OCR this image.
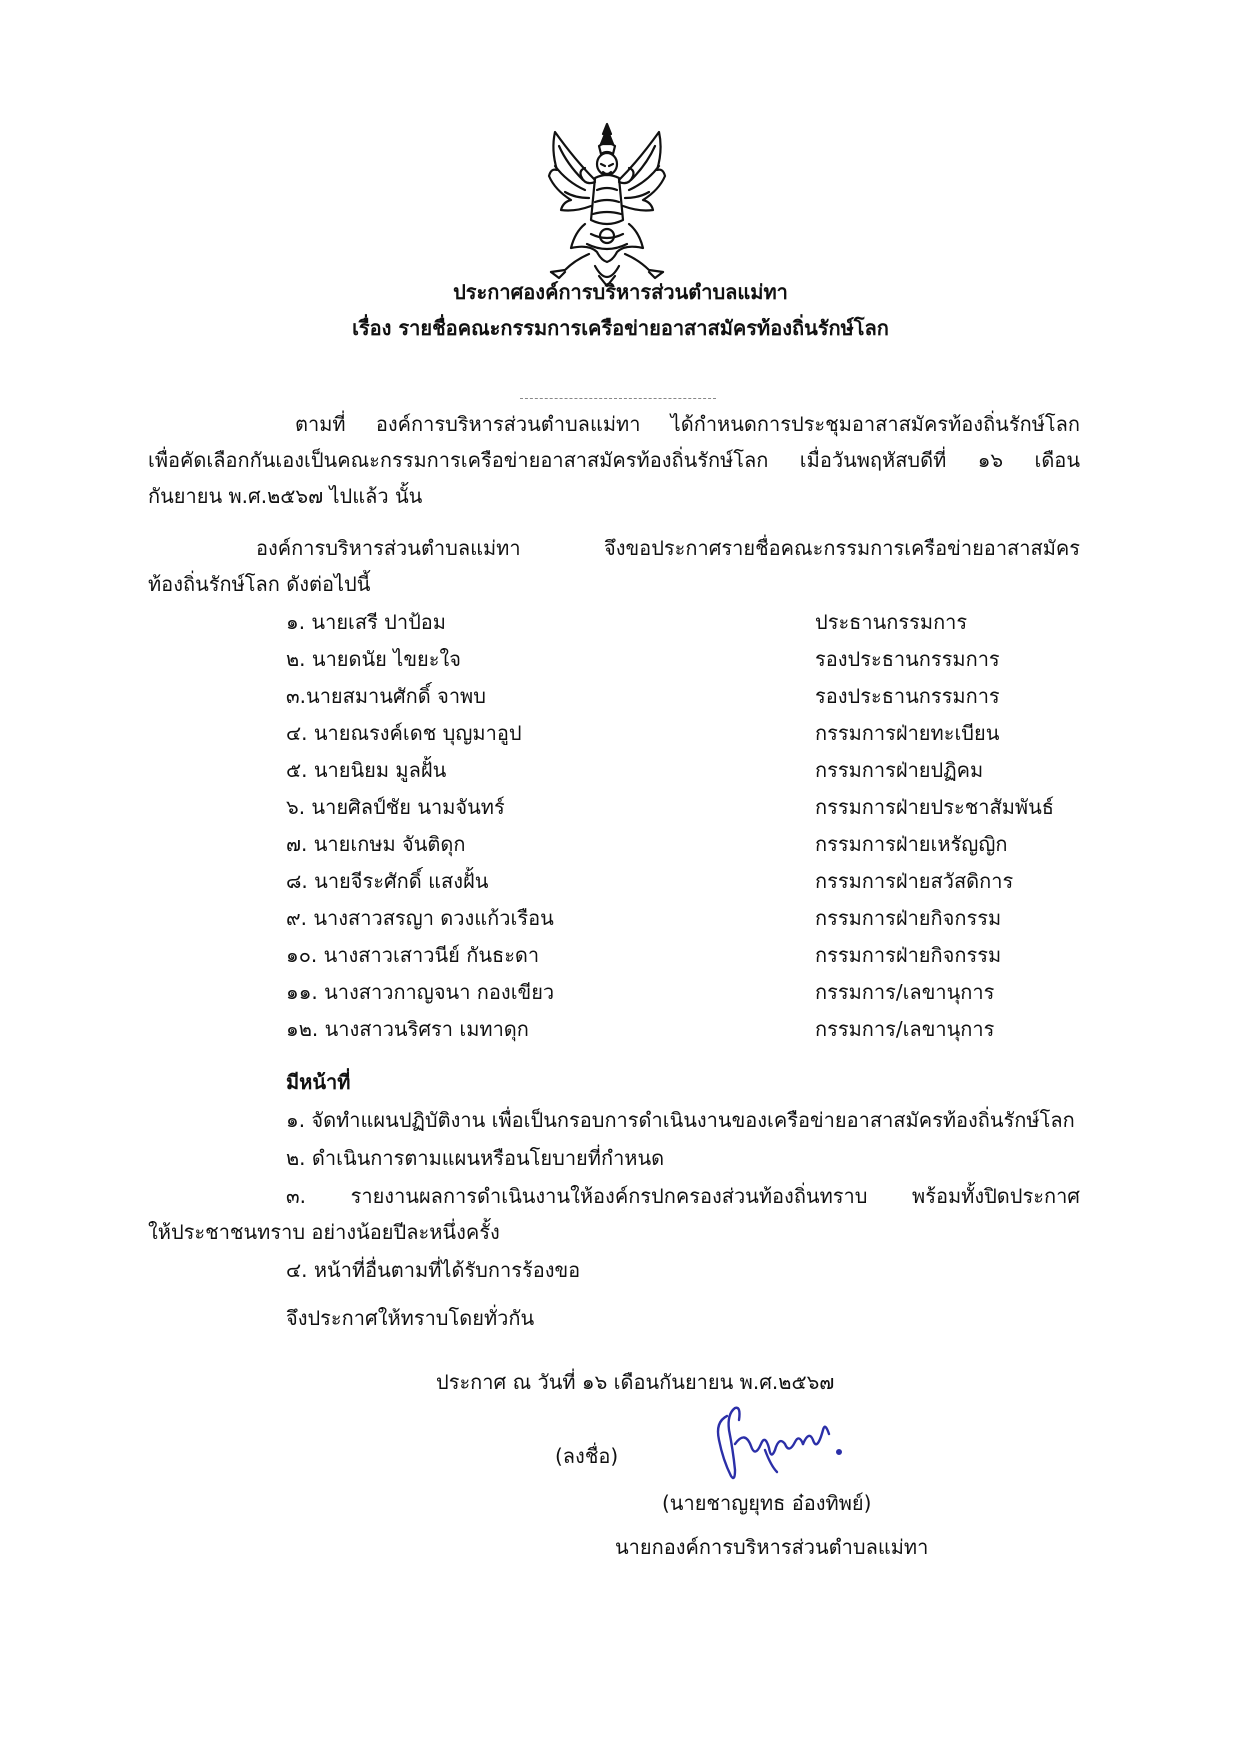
ประกาศองค์การบริหารส่วนตำบลแม่ทา
เรื่อง รายชื่อคณะกรรมการเครือข่ายอาสาสมัครท้องถิ่นรักษ์โลก
ตามที่ องค์การบริหารส่วนตำบลแม่ทา ได้กำหนดการประชุมอาสาสมัครท้องถิ่นรักษ์โลก
เพื่อคัดเลือกกันเองเป็นคณะกรรมการเครือข่ายอาสาสมัครท้องถิ่นรักษ์โลก เมื่อวันพฤหัสบดีที่ ๑๖ เดือน
กันยายน พ.ศ.๒๕๖๗ ไปแล้ว นั้น
องค์การบริหารส่วนตำบลแม่ทา จึงขอประกาศรายชื่อคณะกรรมการเครือข่ายอาสาสมัคร
ท้องถิ่นรักษ์โลก ดังต่อไปนี้
๑. นายเสรี ปาป้อม	ประธานกรรมการ
๒. นายดนัย ไขยะใจ	รองประธานกรรมการ
๓.นายสมานศักดิ์ จาพบ	รองประธานกรรมการ
๔. นายณรงค์เดช บุญมาอูป	กรรมการฝ่ายทะเบียน
๕. นายนิยม มูลฝั้น	กรรมการฝ่ายปฏิคม
๖. นายศิลป์ชัย นามจันทร์	กรรมการฝ่ายประชาสัมพันธ์
๗. นายเกษม จันติดุก	กรรมการฝ่ายเหรัญญิก
๘. นายจีระศักดิ์ แสงฝั้น	กรรมการฝ่ายสวัสดิการ
๙. นางสาวสรญา ดวงแก้วเรือน	กรรมการฝ่ายกิจกรรม
๑๐. นางสาวเสาวนีย์ กันธะดา	กรรมการฝ่ายกิจกรรม
๑๑. นางสาวกาญจนา กองเขียว	กรรมการ/เลขานุการ
๑๒. นางสาวนริศรา เมทาดุก	กรรมการ/เลขานุการ
มีหน้าที่
๑. จัดทำแผนปฏิบัติงาน เพื่อเป็นกรอบการดำเนินงานของเครือข่ายอาสาสมัครท้องถิ่นรักษ์โลก
๒. ดำเนินการตามแผนหรือนโยบายที่กำหนด
๓. รายงานผลการดำเนินงานให้องค์กรปกครองส่วนท้องถิ่นทราบ พร้อมทั้งปิดประกาศ
ให้ประชาชนทราบ อย่างน้อยปีละหนึ่งครั้ง
๔. หน้าที่อื่นตามที่ได้รับการร้องขอ
จึงประกาศให้ทราบโดยทั่วกัน
ประกาศ ณ วันที่ ๑๖ เดือนกันยายน พ.ศ.๒๕๖๗
(ลงชื่อ)
(นายชาญยุทธ อ๋องทิพย์)
นายกองค์การบริหารส่วนตำบลแม่ทา
